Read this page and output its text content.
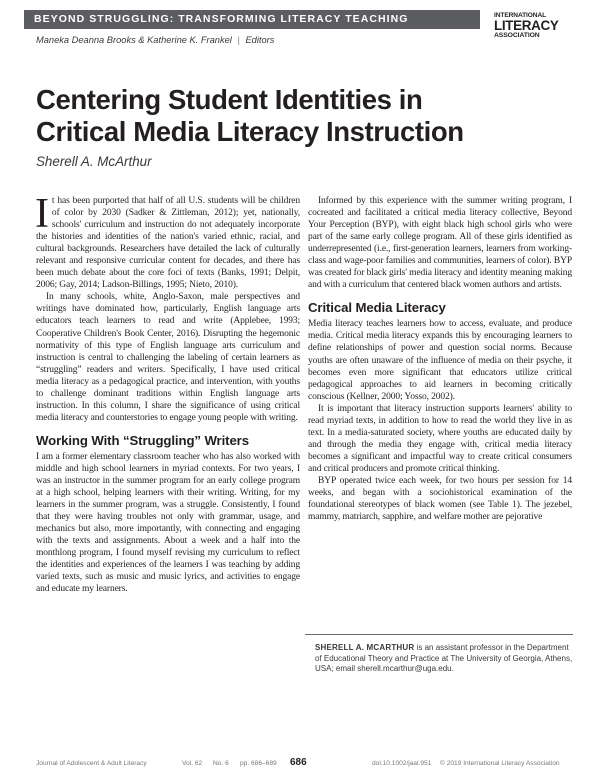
BEYOND STRUGGLING: TRANSFORMING LITERACY TEACHING
Maneka Deanna Brooks & Katherine K. Frankel | Editors
INTERNATIONAL
LITERACY
ASSOCIATION
Centering Student Identities in
Critical Media Literacy Instruction
Sherell A. McArthur

It has been purported that half of all U.S. students will be children of color by 2030 (Sadker & Zittleman, 2012); yet, nationally, schools' curriculum and instruction do not adequately incorporate the histories and identities of the nation's varied ethnic, racial, and cultural backgrounds. Researchers have detailed the lack of culturally relevant and responsive curricular content for decades, and there has been much debate about the core foci of texts (Banks, 1991; Delpit, 2006; Gay, 2014; Ladson-Billings, 1995; Nieto, 2010).

In many schools, white, Anglo-Saxon, male perspectives and writings have dominated how, particularly, English language arts educators teach learners to read and write (Applebee, 1993; Cooperative Children's Book Center, 2016). Disrupting the hegemonic normativity of this type of English language arts curriculum and instruction is central to challenging the labeling of certain learners as “struggling” readers and writers. Specifically, I have used critical media literacy as a pedagogical practice, and intervention, with youths to challenge dominant traditions within English language arts instruction. In this column, I share the significance of using critical media literacy and counterstories to engage young people with writing.

Working With “Struggling” Writers

I am a former elementary classroom teacher who has also worked with middle and high school learners in myriad contexts. For two years, I was an instructor in the summer program for an early college program at a high school, helping learners with their writing. Writing, for my learners in the summer program, was a struggle. Consistently, I found that they were having troubles not only with grammar, usage, and mechanics but also, more importantly, with connecting and engaging with the texts and assignments. About a week and a half into the monthlong program, I found myself revising my curriculum to reflect the identities and experiences of the learners I was teaching by adding varied texts, such as music and music lyrics, and activities to engage and educate my learners.

Informed by this experience with the summer writing program, I cocreated and facilitated a critical media literacy collective, Beyond Your Perception (BYP), with eight black high school girls who were part of the same early college program. All of these girls identified as underrepresented (i.e., first-generation learners, learners from working-class and wage-poor families and communities, learners of color). BYP was created for black girls' media literacy and identity meaning making and with a curriculum that centered black women authors and artists.

Critical Media Literacy

Media literacy teaches learners how to access, evaluate, and produce media. Critical media literacy expands this by encouraging learners to define relationships of power and question social norms. Because youths are often unaware of the influence of media on their psyche, it becomes even more significant that educators utilize critical pedagogical approaches to aid learners in becoming critically conscious (Kellner, 2000; Yosso, 2002).

It is important that literacy instruction supports learners' ability to read myriad texts, in addition to how to read the world they live in as text. In a media-saturated society, where youths are educated daily by and through the media they engage with, critical media literacy becomes a significant and impactful way to create critical consumers and critical producers and promote critical thinking.

BYP operated twice each week, for two hours per session for 14 weeks, and began with a sociohistorical examination of the foundational stereotypes of black women (see Table 1). The jezebel, mammy, matriarch, sapphire, and welfare mother are pejorative

SHERELL A. MCARTHUR is an assistant professor in the Department of Educational Theory and Practice at The University of Georgia, Athens, USA; email sherell.mcarthur@uga.edu.
Journal of Adolescent & Adult Literacy	Vol. 62 No. 6 pp. 686–689 686	doi:10.1002/jaal.951 © 2019 International Literacy Association
